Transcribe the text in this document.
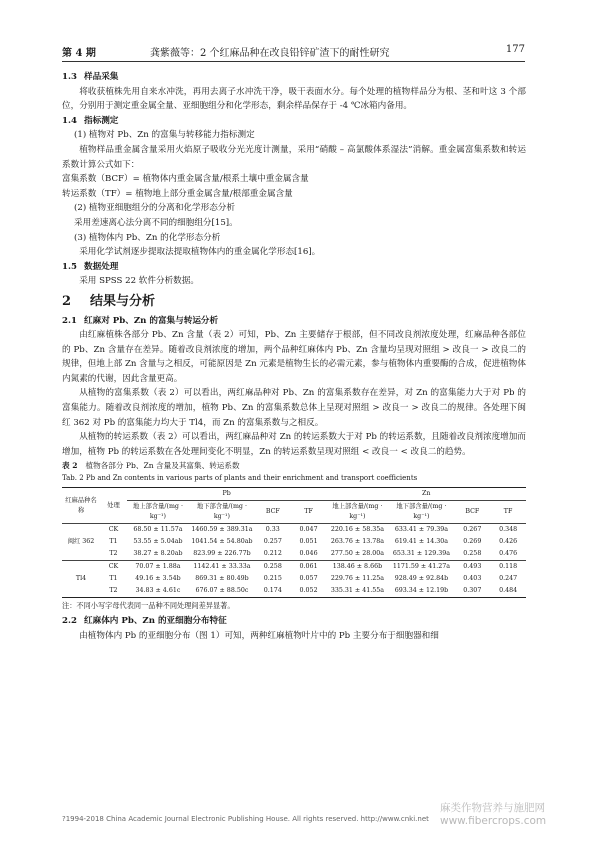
第 4 期	龚紫薇等：2 个红麻品种在改良铅锌矿渣下的耐性研究	177
1.3 样品采集

将收获植株先用自来水冲洗，再用去离子水冲洗干净，吸干表面水分。每个处理的植物样品分为根、茎和叶这 3 个部位，分别用于测定重金属全量、亚细胞组分和化学形态，剩余样品保存于 -4 ℃冰箱内备用。

1.4 指标测定
(1) 植物对 Pb、Zn 的富集与转移能力指标测定

植物样品重金属含量采用火焰原子吸收分光光度计测量，采用“硝酸 – 高氯酸体系湿法”消解。重金属富集系数和转运系数计算公式如下：

富集系数（BCF）= 植物体内重金属含量/根系土壤中重金属含量
转运系数（TF）= 植物地上部分重金属含量/根部重金属含量
(2) 植物亚细胞组分的分离和化学形态分析
采用差速离心法分离不同的细胞组分[15]。
(3) 植物体内 Pb、Zn 的化学形态分析

采用化学试剂逐步提取法提取植物体内的重金属化学形态[16]。

1.5 数据处理

采用 SPSS 22 软件分析数据。

2 结果与分析
2.1 红麻对 Pb、Zn 的富集与转运分析

由红麻植株各部分 Pb、Zn 含量（表 2）可知，Pb、Zn 主要储存于根部，但不同改良剂浓度处理，红麻品种各部位的 Pb、Zn 含量存在差异。随着改良剂浓度的增加，两个品种红麻体内 Pb、Zn 含量均呈现对照组 > 改良一 > 改良二的规律，但地上部 Zn 含量与之相反，可能原因是 Zn 元素是植物生长的必需元素，参与植物体内重要酶的合成，促进植物体内氮素的代谢，因此含量更高。

从植物的富集系数（表 2）可以看出，两红麻品种对 Pb、Zn 的富集系数存在差异，对 Zn 的富集能力大于对 Pb 的富集能力。随着改良剂浓度的增加，植物 Pb、Zn 的富集系数总体上呈现对照组 > 改良一 > 改良二的规律。各处理下闽红 362 对 Pb 的富集能力均大于 Tl4，而 Zn 的富集系数与之相反。

从植物的转运系数（表 2）可以看出，两红麻品种对 Zn 的转运系数大于对 Pb 的转运系数，且随着改良剂浓度增加而增加，植物 Pb 的转运系数在各处理间变化不明显，Zn 的转运系数呈现对照组 < 改良一 < 改良二的趋势。

表 2 植物各部分 Pb、Zn 含量及其富集、转运系数
Tab. 2 Pb and Zn contents in various parts of plants and their enrichment and transport coefficients
红麻品种名称	处理	Pb				Zn			
		地上部含量/(mg · kg⁻¹)	地下部含量/(mg · kg⁻¹)	BCF	TF	地上部含量/(mg · kg⁻¹)	地下部含量/(mg · kg⁻¹)	BCF	TF
	CK	68.50 ± 11.57a	1460.59 ± 389.31a	0.33	0.047	220.16 ± 58.35a	633.41 ± 79.39a	0.267	0.348
闽红 362	T1	53.55 ± 5.04ab	1041.54 ± 54.80ab	0.257	0.051	263.76 ± 13.78a	619.41 ± 14.30a	0.269	0.426
	T2	38.27 ± 8.20ab	823.99 ± 226.77b	0.212	0.046	277.50 ± 28.00a	653.31 ± 129.39a	0.258	0.476
	CK	70.07 ± 1.88a	1142.41 ± 33.33a	0.258	0.061	138.46 ± 8.66b	1171.59 ± 41.27a	0.493	0.118
Tl4	T1	49.16 ± 3.54b	869.31 ± 80.49b	0.215	0.057	229.76 ± 11.25a	928.49 ± 92.84b	0.403	0.247
	T2	34.83 ± 4.61c	676.07 ± 88.50c	0.174	0.052	335.31 ± 41.55a	693.34 ± 12.19b	0.307	0.484
注：不同小写字母代表同一品种不同处理间差异显著。
2.2 红麻体内 Pb、Zn 的亚细胞分布特征

由植物体内 Pb 的亚细胞分布（图 1）可知，两种红麻植物叶片中的 Pb 主要分布于细胞器和细

麻类作物营养与施肥网
www.fibercrops.com
?1994-2018 China Academic Journal Electronic Publishing House. All rights reserved. http://www.cnki.net
